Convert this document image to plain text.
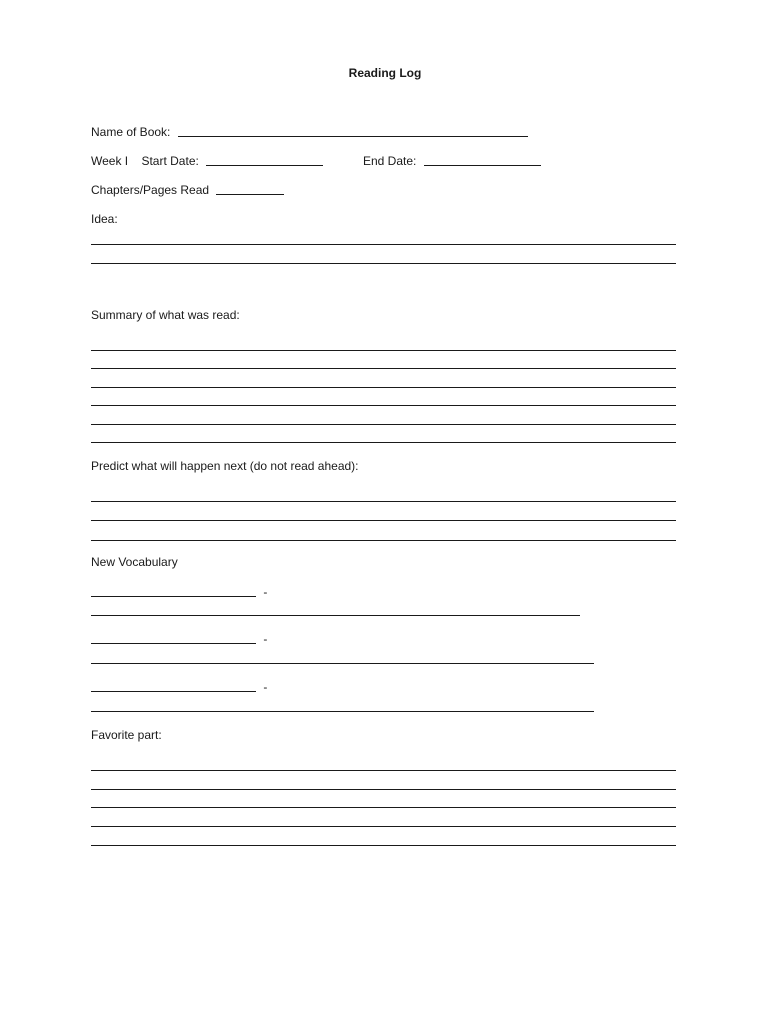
Reading Log
Name of Book:
Week I Start Date:	End Date:
Chapters/Pages Read
Idea:
Summary of what was read:
Predict what will happen next (do not read ahead):
New Vocabulary
-
-
-
Favorite part:
